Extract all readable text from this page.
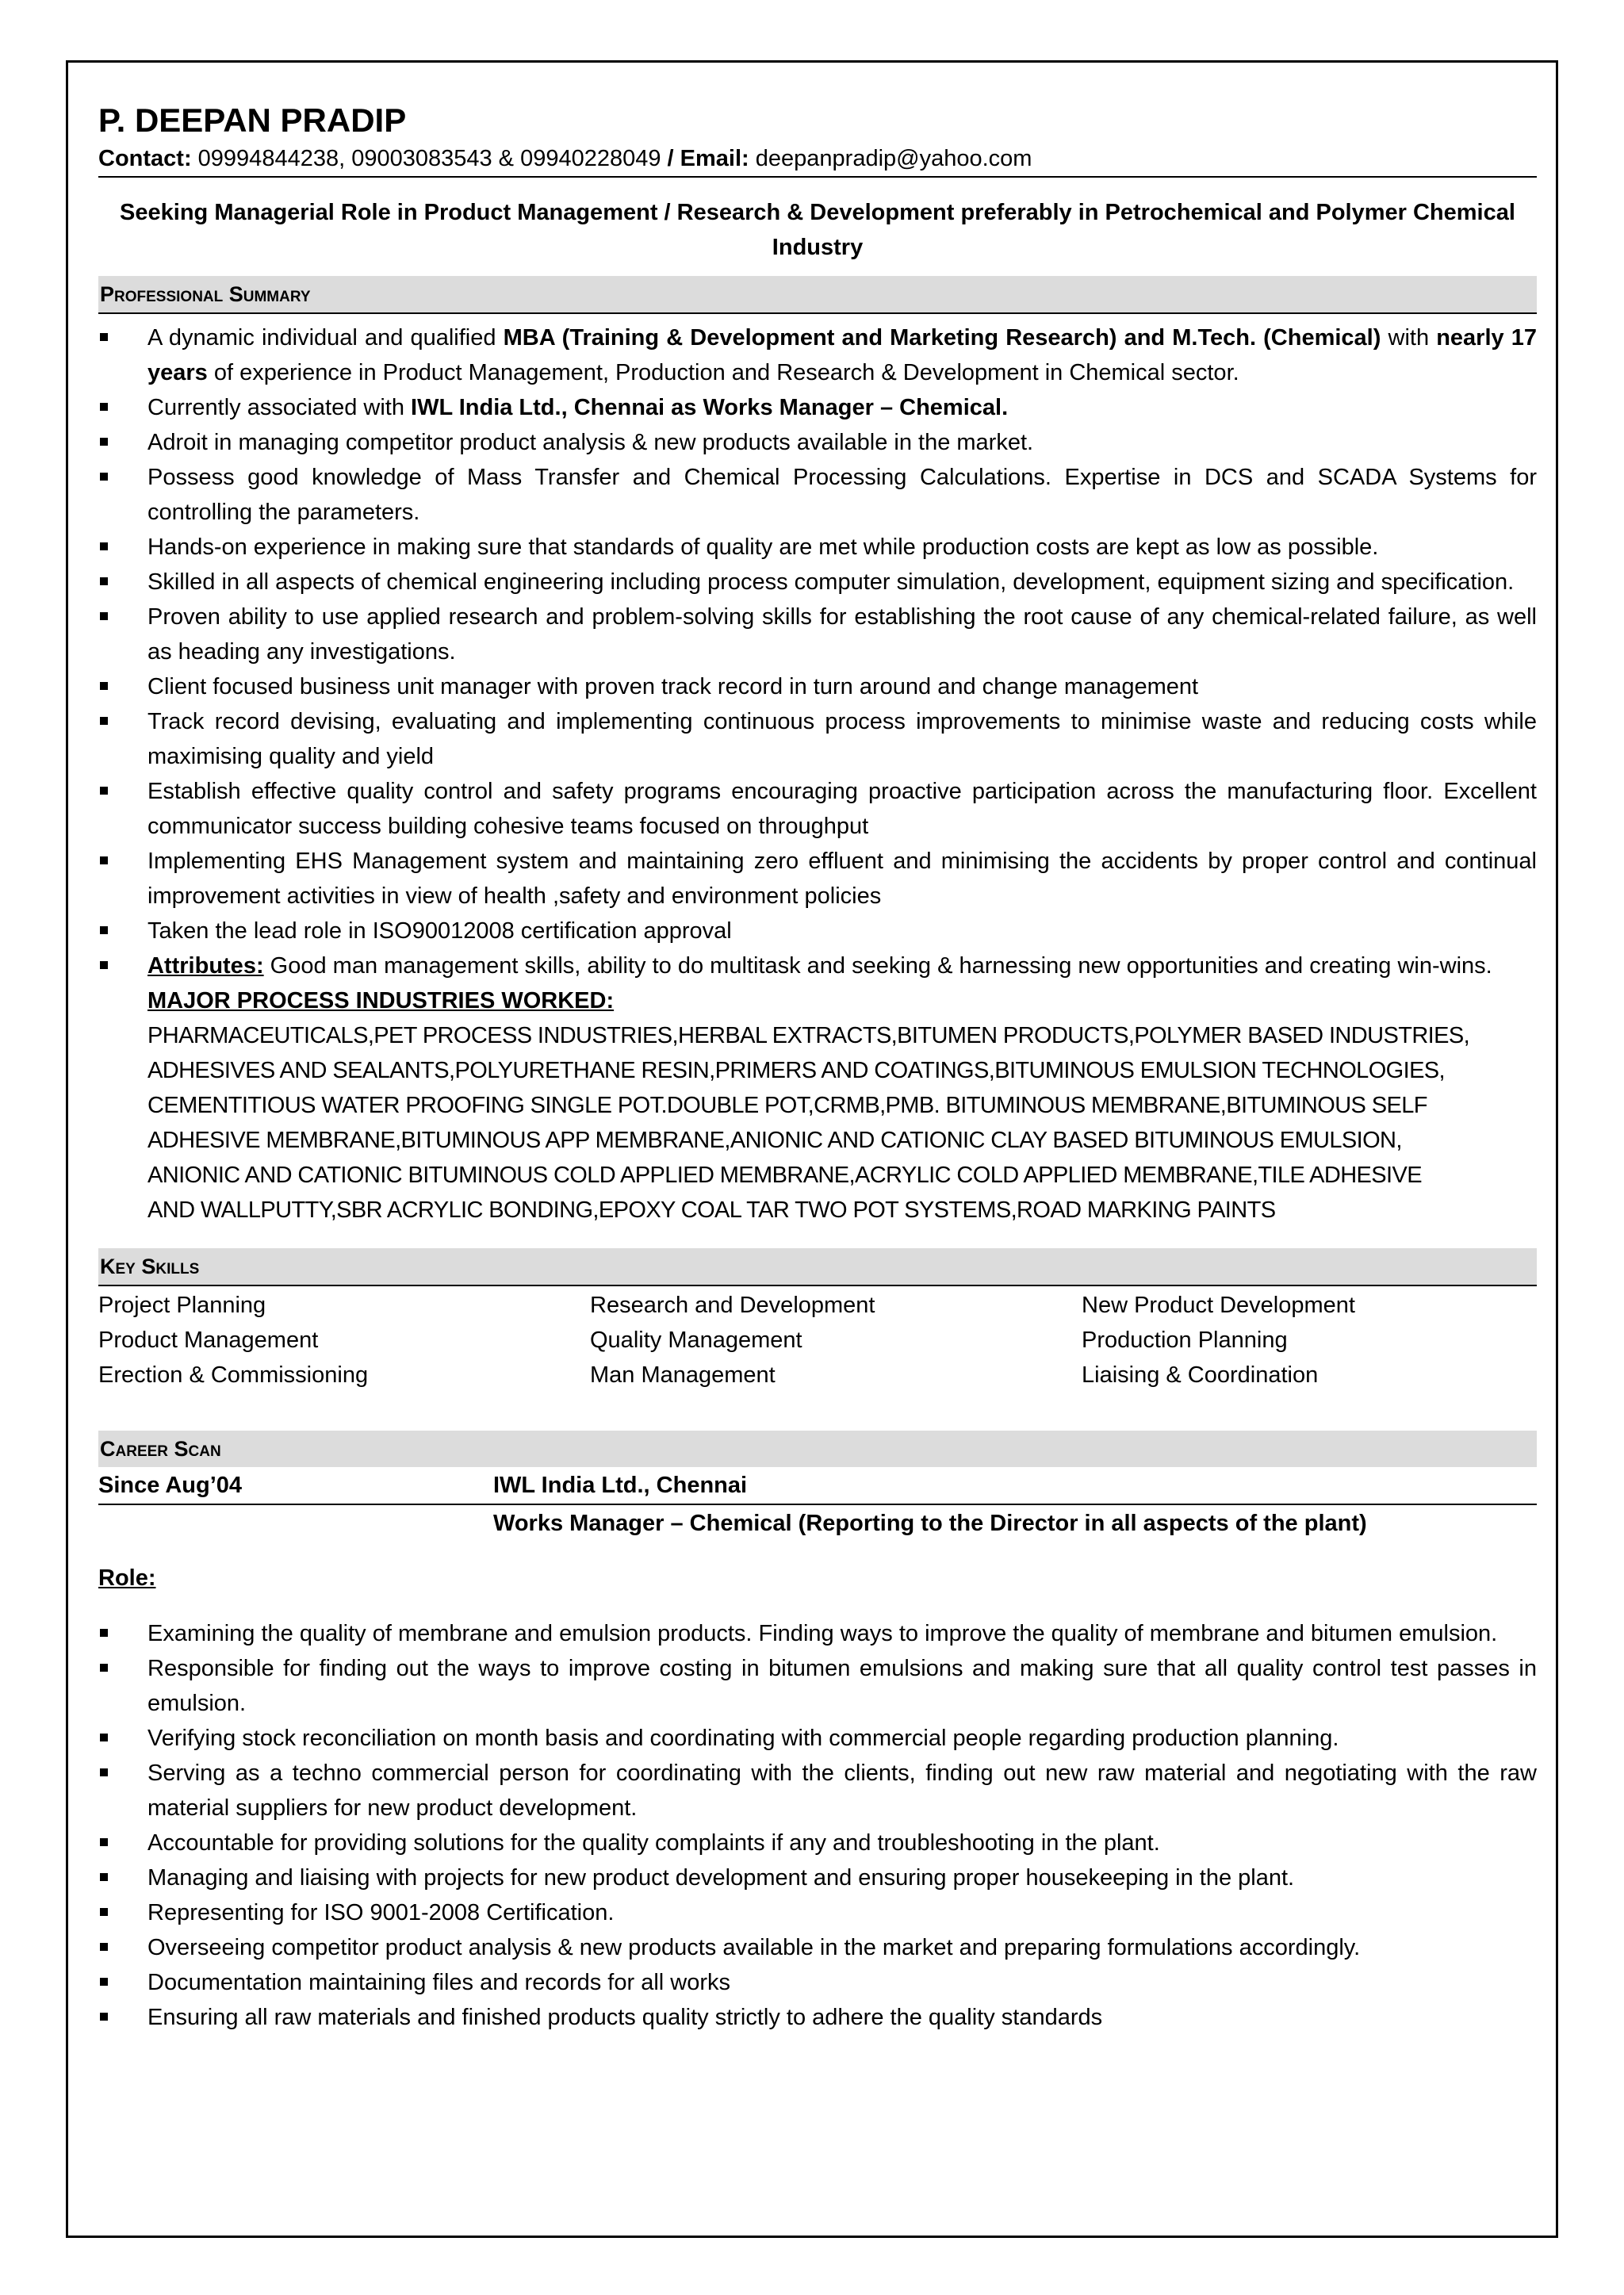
P. DEEPAN PRADIP
Contact: 09994844238, 09003083543 & 09940228049 / Email: deepanpradip@yahoo.com
Seeking Managerial Role in Product Management / Research & Development preferably in Petrochemical and Polymer Chemical Industry
Professional Summary
A dynamic individual and qualified MBA (Training & Development and Marketing Research) and M.Tech. (Chemical) with nearly 17 years of experience in Product Management, Production and Research & Development in Chemical sector.
Currently associated with IWL India Ltd., Chennai as Works Manager – Chemical.
Adroit in managing competitor product analysis & new products available in the market.
Possess good knowledge of Mass Transfer and Chemical Processing Calculations. Expertise in DCS and SCADA Systems for controlling the parameters.
Hands-on experience in making sure that standards of quality are met while production costs are kept as low as possible.
Skilled in all aspects of chemical engineering including process computer simulation, development, equipment sizing and specification.
Proven ability to use applied research and problem-solving skills for establishing the root cause of any chemical-related failure, as well as heading any investigations.
Client focused business unit manager with proven track record in turn around and change management
Track record devising, evaluating and implementing continuous process improvements to minimise waste and reducing costs while maximising quality and yield
Establish effective quality control and safety programs encouraging proactive participation across the manufacturing floor. Excellent communicator success building cohesive teams focused on throughput
Implementing EHS Management system and maintaining zero effluent and minimising the accidents by proper control and continual improvement activities in view of health ,safety and environment policies
Taken the lead role in ISO90012008 certification approval
Attributes: Good man management skills, ability to do multitask and seeking & harnessing new opportunities and creating win-wins.
MAJOR PROCESS INDUSTRIES WORKED:
PHARMACEUTICALS,PET PROCESS INDUSTRIES,HERBAL EXTRACTS,BITUMEN PRODUCTS,POLYMER BASED INDUSTRIES,
ADHESIVES AND SEALANTS,POLYURETHANE RESIN,PRIMERS AND COATINGS,BITUMINOUS EMULSION TECHNOLOGIES,
CEMENTITIOUS WATER PROOFING SINGLE POT.DOUBLE POT,CRMB,PMB. BITUMINOUS MEMBRANE,BITUMINOUS SELF
ADHESIVE MEMBRANE,BITUMINOUS APP MEMBRANE,ANIONIC AND CATIONIC CLAY BASED BITUMINOUS EMULSION,
ANIONIC AND CATIONIC BITUMINOUS COLD APPLIED MEMBRANE,ACRYLIC COLD APPLIED MEMBRANE,TILE ADHESIVE
AND WALLPUTTY,SBR ACRYLIC BONDING,EPOXY COAL TAR TWO POT SYSTEMS,ROAD MARKING PAINTS
Key Skills
Project Planning	Research and Development	New Product Development
Product Management	Quality Management	Production Planning
Erection & Commissioning	Man Management	Liaising & Coordination
Career Scan
Since Aug’04	IWL India Ltd., Chennai
Works Manager – Chemical (Reporting to the Director in all aspects of the plant)
Role:
Examining the quality of membrane and emulsion products. Finding ways to improve the quality of membrane and bitumen emulsion.
Responsible for finding out the ways to improve costing in bitumen emulsions and making sure that all quality control test passes in emulsion.
Verifying stock reconciliation on month basis and coordinating with commercial people regarding production planning.
Serving as a techno commercial person for coordinating with the clients, finding out new raw material and negotiating with the raw material suppliers for new product development.
Accountable for providing solutions for the quality complaints if any and troubleshooting in the plant.
Managing and liaising with projects for new product development and ensuring proper housekeeping in the plant.
Representing for ISO 9001-2008 Certification.
Overseeing competitor product analysis & new products available in the market and preparing formulations accordingly.
Documentation maintaining files and records for all works
Ensuring all raw materials and finished products quality strictly to adhere the quality standards
